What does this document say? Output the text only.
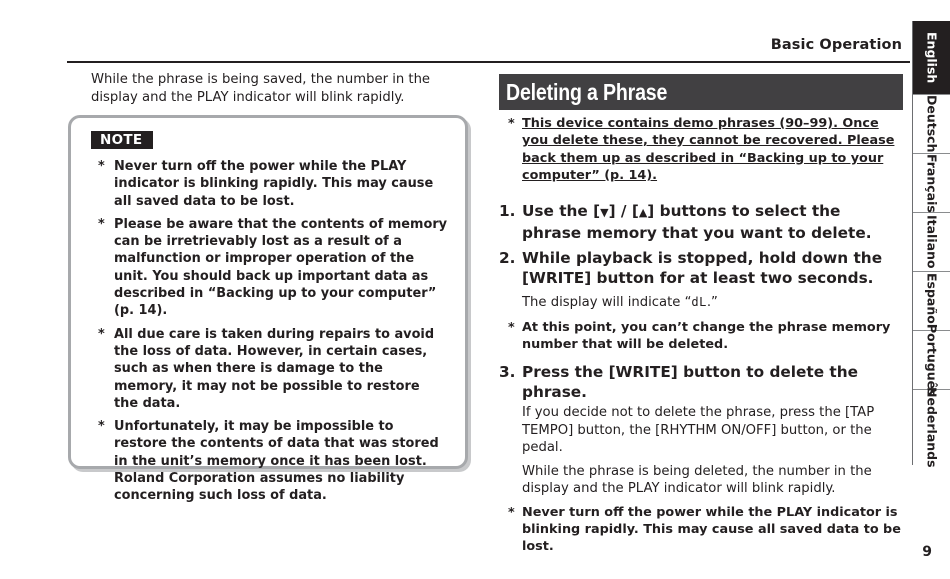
Basic Operation English
Deutsch
Français
Italiano
Español
Português
Nederlands
9
While the phrase is being saved, the number in the display and the PLAY indicator will blink rapidly.
NOTE
* Never turn off the power while the PLAY indicator is blinking rapidly. This may cause all saved data to be lost.
* Please be aware that the contents of memory can be irretrievably lost as a result of a malfunction or improper operation of the unit. You should back up important data as described in “Backing up to your computer” (p. 14).
* All due care is taken during repairs to avoid the loss of data. However, in certain cases, such as when there is damage to the memory, it may not be possible to restore the data.
* Unfortunately, it may be impossible to restore the contents of data that was stored in the unit’s memory once it has been lost. Roland Corporation assumes no liability concerning such loss of data.
Deleting a Phrase
* This device contains demo phrases (90–99). Once you delete these, they cannot be recovered. Please back them up as described in “Backing up to your computer” (p. 14).
1. Use the [▼] / [▲] buttons to select the phrase memory that you want to delete.
2. While playback is stopped, hold down the [WRITE] button for at least two seconds.
The display will indicate “dL.”
* At this point, you can’t change the phrase memory number that will be deleted.
3. Press the [WRITE] button to delete the phrase.
If you decide not to delete the phrase, press the [TAP TEMPO] button, the [RHYTHM ON/OFF] button, or the pedal.
While the phrase is being deleted, the number in the display and the PLAY indicator will blink rapidly.
* Never turn off the power while the PLAY indicator is blinking rapidly. This may cause all saved data to be lost.
